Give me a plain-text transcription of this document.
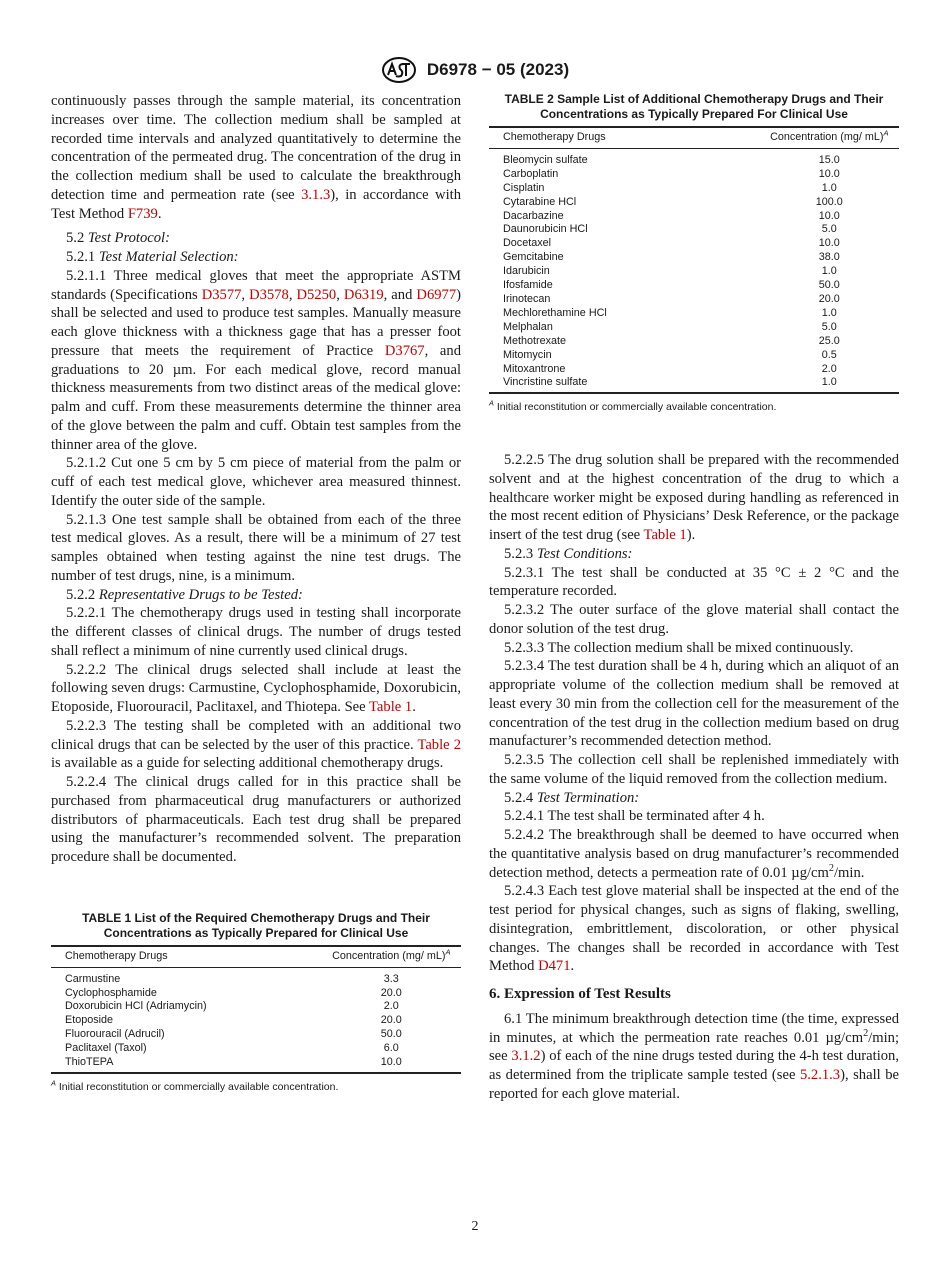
D6978 − 05 (2023)

continuously passes through the sample material, its concentration increases over time. The collection medium shall be sampled at recorded time intervals and analyzed quantitatively to determine the concentration of the permeated drug. The concentration of the drug in the collection medium shall be used to calculate the breakthrough detection time and permeation rate (see 3.1.3), in accordance with Test Method F739.

5.2 Test Protocol:

5.2.1 Test Material Selection:

5.2.1.1 Three medical gloves that meet the appropriate ASTM standards (Specifications D3577, D3578, D5250, D6319, and D6977) shall be selected and used to produce test samples. Manually measure each glove thickness with a thickness gage that has a presser foot pressure that meets the requirement of Practice D3767, and graduations to 20 µm. For each medical glove, record manual thickness measurements from two distinct areas of the medical glove: palm and cuff. From these measurements determine the thinner area of the glove between the palm and cuff. Obtain test samples from the thinner area of the glove.

5.2.1.2 Cut one 5 cm by 5 cm piece of material from the palm or cuff of each test medical glove, whichever area measured thinnest. Identify the outer side of the sample.

5.2.1.3 One test sample shall be obtained from each of the three test medical gloves. As a result, there will be a minimum of 27 test samples obtained when testing against the nine test drugs. The number of test drugs, nine, is a minimum.

5.2.2 Representative Drugs to be Tested:

5.2.2.1 The chemotherapy drugs used in testing shall incorporate the different classes of clinical drugs. The number of drugs tested shall reflect a minimum of nine currently used clinical drugs.

5.2.2.2 The clinical drugs selected shall include at least the following seven drugs: Carmustine, Cyclophosphamide, Doxorubicin, Etoposide, Fluorouracil, Paclitaxel, and Thiotepa. See Table 1.

5.2.2.3 The testing shall be completed with an additional two clinical drugs that can be selected by the user of this practice. Table 2 is available as a guide for selecting additional chemotherapy drugs.

5.2.2.4 The clinical drugs called for in this practice shall be purchased from pharmaceutical drug manufacturers or authorized distributors of pharmaceuticals. Each test drug shall be prepared using the manufacturer’s recommended solvent. The preparation procedure shall be documented.

TABLE 1 List of the Required Chemotherapy Drugs and Their Concentrations as Typically Prepared for Clinical Use
Chemotherapy Drugs	Concentration (mg/ mL)$^A$
Carmustine	3.3
Cyclophosphamide	20.0
Doxorubicin HCl (Adriamycin)	2.0
Etoposide	20.0
Fluorouracil (Adrucil)	50.0
Paclitaxel (Taxol)	6.0
ThioTEPA	10.0
$^A$ Initial reconstitution or commercially available concentration.
TABLE 2 Sample List of Additional Chemotherapy Drugs and Their Concentrations as Typically Prepared For Clinical Use
Chemotherapy Drugs	Concentration (mg/ mL)$^A$
Bleomycin sulfate	15.0
Carboplatin	10.0
Cisplatin	1.0
Cytarabine HCl	100.0
Dacarbazine	10.0
Daunorubicin HCl	5.0
Docetaxel	10.0
Gemcitabine	38.0
Idarubicin	1.0
Ifosfamide	50.0
Irinotecan	20.0
Mechlorethamine HCl	1.0
Melphalan	5.0
Methotrexate	25.0
Mitomycin	0.5
Mitoxantrone	2.0
Vincristine sulfate	1.0
$^A$ Initial reconstitution or commercially available concentration.

5.2.2.5 The drug solution shall be prepared with the recommended solvent and at the highest concentration of the drug to which a healthcare worker might be exposed during handling as referenced in the most recent edition of Physicians’ Desk Reference, or the package insert of the test drug (see Table 1).

5.2.3 Test Conditions:

5.2.3.1 The test shall be conducted at 35 °C ± 2 °C and the temperature recorded.

5.2.3.2 The outer surface of the glove material shall contact the donor solution of the test drug.

5.2.3.3 The collection medium shall be mixed continuously.

5.2.3.4 The test duration shall be 4 h, during which an aliquot of an appropriate volume of the collection medium shall be removed at least every 30 min from the collection cell for the measurement of the concentration of the test drug in the collection medium based on drug manufacturer’s recommended detection method.

5.2.3.5 The collection cell shall be replenished immediately with the same volume of the liquid removed from the collection medium.

5.2.4 Test Termination:

5.2.4.1 The test shall be terminated after 4 h.

5.2.4.2 The breakthrough shall be deemed to have occurred when the quantitative analysis based on drug manufacturer’s recommended detection method, detects a permeation rate of 0.01 $\mu g/cm^2/\min$.

5.2.4.3 Each test glove material shall be inspected at the end of the test period for physical changes, such as signs of flaking, swelling, disintegration, embrittlement, discoloration, or other physical changes. The changes shall be recorded in accordance with Test Method D471.

6. Expression of Test Results

6.1 The minimum breakthrough detection time (the time, expressed in minutes, at which the permeation rate reaches 0.01 $\mu g/cm^2/\min$; see 3.1.2) of each of the nine drugs tested during the 4-h test duration, as determined from the triplicate sample tested (see 5.2.1.3), shall be reported for each glove material.

2
